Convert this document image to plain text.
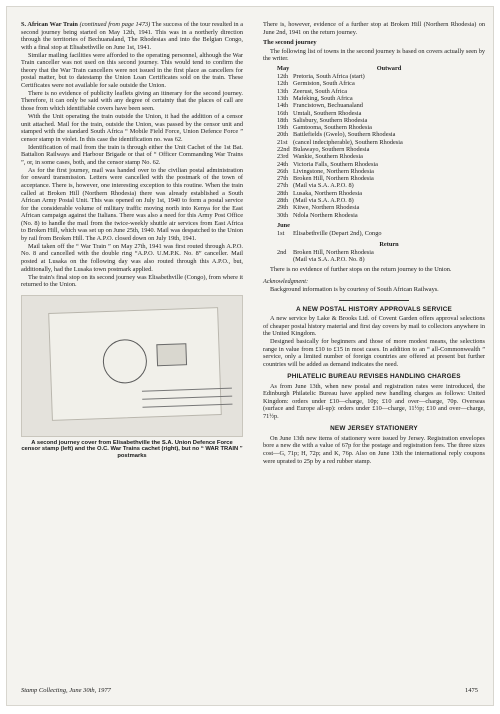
S. African War Train (continued from page 1473) The success of the tour resulted in a second journey being started on May 12th, 1941. This was in a northerly direction through the territories of Bechuanaland, The Rhodesias and into the Belgian Congo, with a final stop at Elisabethville on June 1st, 1941.

Similar mailing facilities were afforded to the operating personnel, although the War Train canceller was not used on this second journey. This would tend to confirm the theory that the War Train cancellers were not issued in the first place as cancellers for postal matter, but to datestamp the Union Loan Certificates sold on the train. These Certificates were not available for sale outside the Union.

There is no evidence of publicity leaflets giving an itinerary for the second journey. Therefore, it can only be said with any degree of certainty that the places of call are those from which identifiable covers have been seen.

With the Unit operating the train outside the Union, it had the addition of a censor unit attached. Mail for the train, outside the Union, was passed by the censor unit and stamped with the standard South Africa “ Mobile Field Force, Union Defence Force ” censor stamp in violet. In this case the identification no. was 62.

Identification of mail from the train is through either the Unit Cachet of the 1st Bat. Battalion Railways and Harbour Brigade or that of “ Officer Commanding War Trains ”, or, in some cases, both, and the censor stamp No. 62.

As for the first journey, mail was handed over to the civilian postal administration for onward transmission. Letters were cancelled with the postmark of the town of acceptance. There is, however, one interesting exception to this routine. When the train called at Broken Hill (Northern Rhodesia) there was already established a South African Army Postal Unit. This was opened on July 1st, 1940 to form a postal service for the considerable volume of military traffic moving north into Kenya for the East African campaign against the Italians. There was also a need for this Army Post Office (No. 8) to handle the mail from the twice-weekly shuttle air services from East Africa to Broken Hill, which was set up on June 25th, 1940. Mail was despatched to the Union by rail from Broken Hill. The A.P.O. closed down on July 19th, 1941.

Mail taken off the “ War Train ” on May 27th, 1941 was first routed through A.P.O. No. 8 and cancelled with the double ring “A.P.O. U.M.P.K. No. 8” canceller. Mail posted at Lusaka on the following day was also routed through this A.P.O., but, additionally, had the Lusaka town postmark applied.

The train's final stop on its second journey was Elisabethville (Congo), from where it returned to the Union.

A second journey cover from Elisabethville the S.A. Union Defence Force censor stamp (left) and the O.C. War Trains cachet (right), but no “ WAR TRAIN ” postmarks

There is, however, evidence of a further stop at Broken Hill (Northern Rhodesia) on June 2nd, 1941 on the return journey.

The second journey

The following list of towns in the second journey is based on covers actually seen by the writer.

May	Outward
12th	Pretoria, South Africa (start)
12th	Germiston, South Africa
13th	Zeerust, South Africa
13th	Mafeking, South Africa
14th	Francistown, Bechuanaland
16th	Umtali, Southern Rhodesia
18th	Salisbury, Southern Rhodesia
19th	Gamtooma, Southern Rhodesia
20th	Battlefields (Gwelo), Southern Rhodesia
21st	(cancel indecipherable), Southern Rhodesia
22nd	Bulawayo, Southern Rhodesia
23rd	Wankie, Southern Rhodesia
24th	Victoria Falls, Southern Rhodesia
26th	Livingstone, Northern Rhodesia
27th	Broken Hill, Northern Rhodesia
27th	(Mail via S.A. A.P.O. 8)
28th	Lusaka, Northern Rhodesia
28th	(Mail via S.A. A.P.O. 8)
29th	Kitwe, Northern Rhodesia
30th	Ndola Northern Rhodesia

June	
1st	Elisabethville (Depart 2nd), Congo

	Return
2nd	Broken Hill, Northern Rhodesia
	(Mail via S.A. A.P.O. No. 8)

There is no evidence of further stops on the return journey to the Union.

Acknowledgment:

Background information is by courtesy of South African Railways.

A NEW POSTAL HISTORY APPROVALS SERVICE

A new service by Lake & Brooks Ltd. of Covent Garden offers approval selections of cheaper postal history material and first day covers by mail to collectors anywhere in the United Kingdom.

Designed basically for beginners and those of more modest means, the selections range in value from £10 to £15 in most cases. In addition to an “ all-Commonwealth ” service, only a limited number of foreign countries are offered at present but further countries will be added as demand indicates the need.

PHILATELIC BUREAU REVISES HANDLING CHARGES

As from June 13th, when new postal and registration rates were introduced, the Edinburgh Philatelic Bureau have applied new handling charges as follows: United Kingdom: orders under £10—charge, 10p; £10 and over—charge, 70p. Overseas (surface and Europe all-up): orders under £10—charge, 11½p; £10 and over—charge, 71½p.

NEW JERSEY STATIONERY

On June 13th new items of stationery were issued by Jersey. Registration envelopes bore a new die with a value of 67p for the postage and registration fees. The three sizes cost—G, 71p; H, 72p; and K, 76p. Also on June 13th the international reply coupons were uprated to 25p by a red rubber stamp.

Stamp Collecting, June 30th, 1977	1475
